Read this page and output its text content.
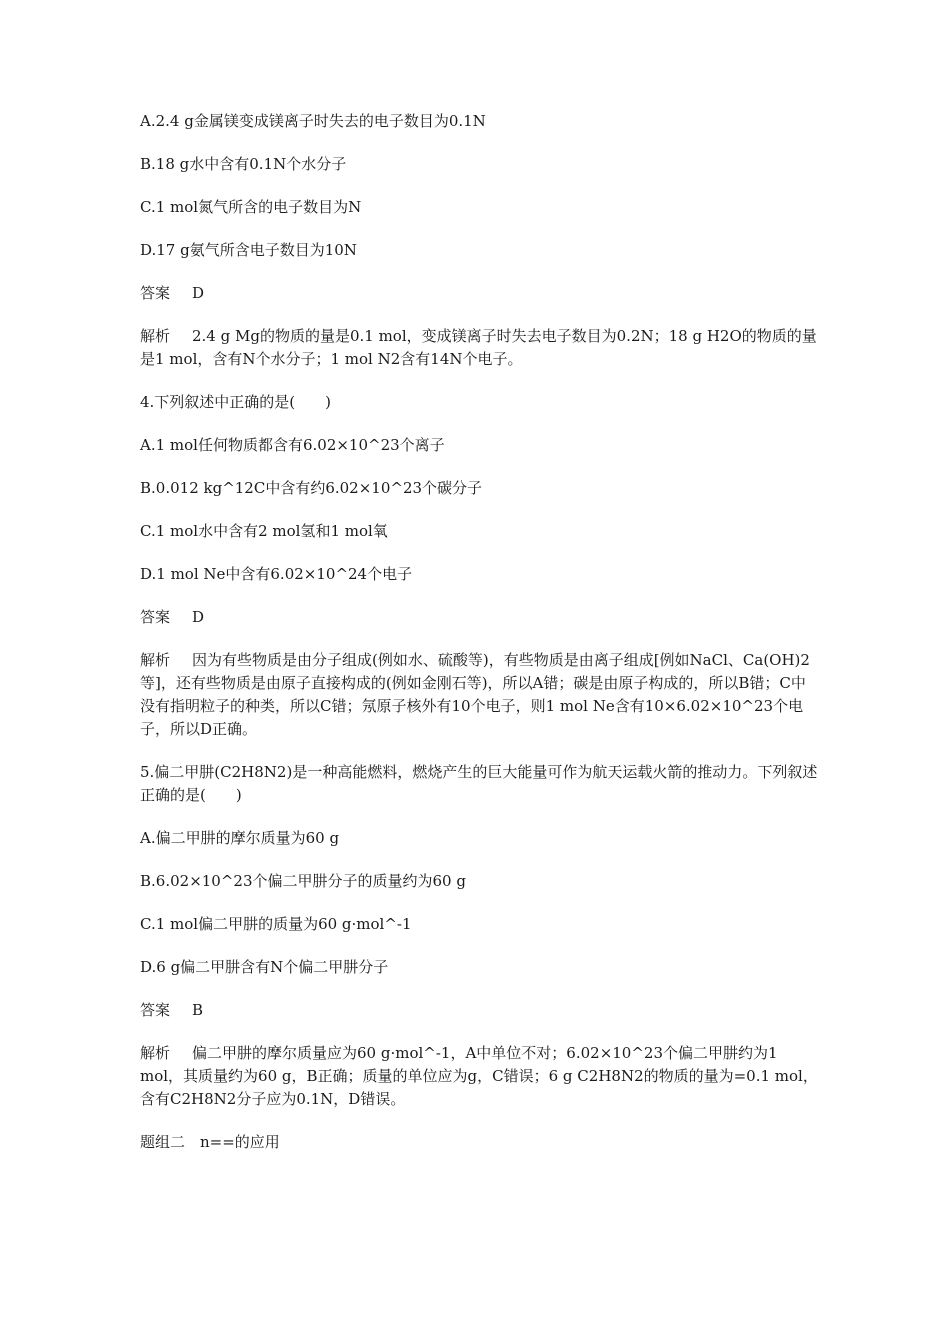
A.2.4 g金属镁变成镁离子时失去的电子数目为0.1N
B.18 g水中含有0.1N个水分子
C.1 mol氮气所含的电子数目为N
D.17 g氨气所含电子数目为10N
答案 D
解析 2.4 g Mg的物质的量是0.1 mol，变成镁离子时失去电子数目为0.2N；18 g H2O的物质的量是1 mol，含有N个水分子；1 mol N2含有14N个电子。
4.下列叙述中正确的是(　　)
A.1 mol任何物质都含有6.02×10^23个离子
B.0.012 kg^12C中含有约6.02×10^23个碳分子
C.1 mol水中含有2 mol氢和1 mol氧
D.1 mol Ne中含有6.02×10^24个电子
答案 D
解析 因为有些物质是由分子组成(例如水、硫酸等)，有些物质是由离子组成[例如NaCl、Ca(OH)2等]，还有些物质是由原子直接构成的(例如金刚石等)，所以A错；碳是由原子构成的，所以B错；C中没有指明粒子的种类，所以C错；氖原子核外有10个电子，则1 mol Ne含有10×6.02×10^23个电子，所以D正确。
5.偏二甲肼(C2H8N2)是一种高能燃料，燃烧产生的巨大能量可作为航天运载火箭的推动力。下列叙述正确的是(　　)
A.偏二甲肼的摩尔质量为60 g
B.6.02×10^23个偏二甲肼分子的质量约为60 g
C.1 mol偏二甲肼的质量为60 g·mol^-1
D.6 g偏二甲肼含有N个偏二甲肼分子
答案 B
解析 偏二甲肼的摩尔质量应为60 g·mol^-1，A中单位不对；6.02×10^23个偏二甲肼约为1 mol，其质量约为60 g，B正确；质量的单位应为g，C错误；6 g C2H8N2的物质的量为=0.1 mol，含有C2H8N2分子应为0.1N，D错误。
题组二　n==的应用
